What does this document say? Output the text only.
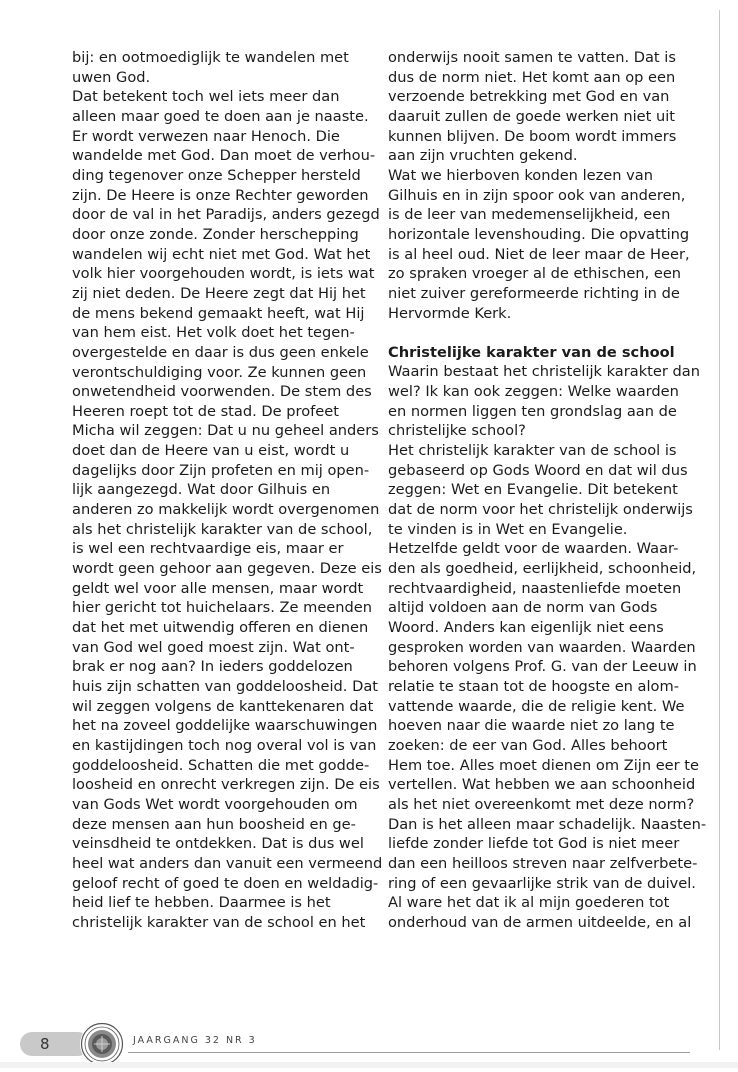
bij: en ootmoediglijk te wandelen met

uwen God.

Dat betekent toch wel iets meer dan

alleen maar goed te doen aan je naaste.

Er wordt verwezen naar Henoch. Die

wandelde met God. Dan moet de verhou-

ding tegenover onze Schepper hersteld

zijn. De Heere is onze Rechter geworden

door de val in het Paradijs, anders gezegd

door onze zonde. Zonder herschepping

wandelen wij echt niet met God. Wat het

volk hier voorgehouden wordt, is iets wat

zij niet deden. De Heere zegt dat Hij het

de mens bekend gemaakt heeft, wat Hij

van hem eist. Het volk doet het tegen-

overgestelde en daar is dus geen enkele

verontschuldiging voor. Ze kunnen geen

onwetendheid voorwenden. De stem des

Heeren roept tot de stad. De profeet

Micha wil zeggen: Dat u nu geheel anders

doet dan de Heere van u eist, wordt u

dagelijks door Zijn profeten en mij open-

lijk aangezegd. Wat door Gilhuis en

anderen zo makkelijk wordt overgenomen

als het christelijk karakter van de school,

is wel een rechtvaardige eis, maar er

wordt geen gehoor aan gegeven. Deze eis

geldt wel voor alle mensen, maar wordt

hier gericht tot huichelaars. Ze meenden

dat het met uitwendig offeren en dienen

van God wel goed moest zijn. Wat ont-

brak er nog aan? In ieders goddelozen

huis zijn schatten van goddeloosheid. Dat

wil zeggen volgens de kanttekenaren dat

het na zoveel goddelijke waarschuwingen

en kastijdingen toch nog overal vol is van

goddeloosheid. Schatten die met godde-

loosheid en onrecht verkregen zijn. De eis

van Gods Wet wordt voorgehouden om

deze mensen aan hun boosheid en ge-

veinsdheid te ontdekken. Dat is dus wel

heel wat anders dan vanuit een vermeend

geloof recht of goed te doen en weldadig-

heid lief te hebben. Daarmee is het

christelijk karakter van de school en het

onderwijs nooit samen te vatten. Dat is

dus de norm niet. Het komt aan op een

verzoende betrekking met God en van

daaruit zullen de goede werken niet uit

kunnen blijven. De boom wordt immers

aan zijn vruchten gekend.

Wat we hierboven konden lezen van

Gilhuis en in zijn spoor ook van anderen,

is de leer van medemenselijkheid, een

horizontale levenshouding. Die opvatting

is al heel oud. Niet de leer maar de Heer,

zo spraken vroeger al de ethischen, een

niet zuiver gereformeerde richting in de

Hervormde Kerk.

Christelijke karakter van de school

Waarin bestaat het christelijk karakter dan

wel? Ik kan ook zeggen: Welke waarden

en normen liggen ten grondslag aan de

christelijke school?

Het christelijk karakter van de school is

gebaseerd op Gods Woord en dat wil dus

zeggen: Wet en Evangelie. Dit betekent

dat de norm voor het christelijk onderwijs

te vinden is in Wet en Evangelie.

Hetzelfde geldt voor de waarden. Waar-

den als goedheid, eerlijkheid, schoonheid,

rechtvaardigheid, naastenliefde moeten

altijd voldoen aan de norm van Gods

Woord. Anders kan eigenlijk niet eens

gesproken worden van waarden. Waarden

behoren volgens Prof. G. van der Leeuw in

relatie te staan tot de hoogste en alom-

vattende waarde, die de religie kent. We

hoeven naar die waarde niet zo lang te

zoeken: de eer van God. Alles behoort

Hem toe. Alles moet dienen om Zijn eer te

vertellen. Wat hebben we aan schoonheid

als het niet overeenkomt met deze norm?

Dan is het alleen maar schadelijk. Naasten-

liefde zonder liefde tot God is niet meer

dan een heilloos streven naar zelfverbete-

ring of een gevaarlijke strik van de duivel.

Al ware het dat ik al mijn goederen tot

onderhoud van de armen uitdeelde, en al

8	JAARGANG 32 NR 3
